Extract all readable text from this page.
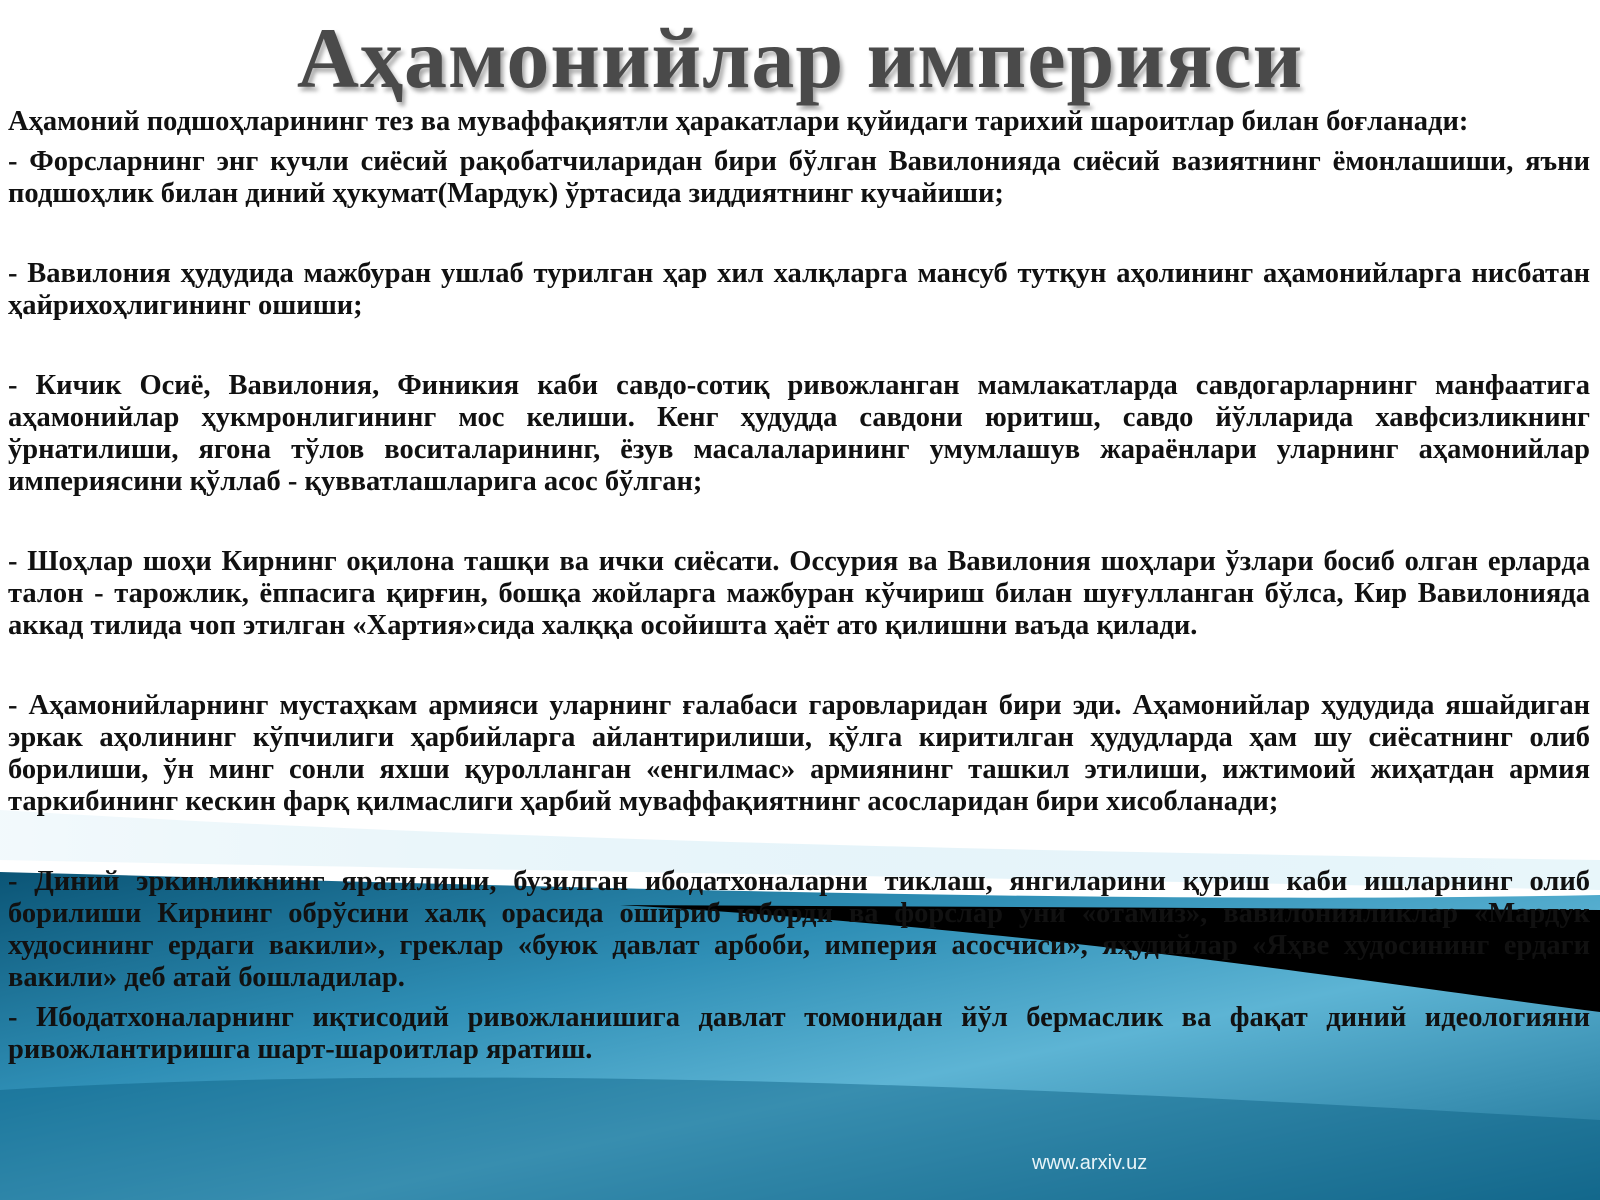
Аҳамонийлар империяси

Аҳамоний подшоҳларининг тез ва муваффақиятли ҳаракатлари қуйидаги тарихий шароитлар билан боғланади:

- Форсларнинг энг кучли сиёсий рақобатчиларидан бири бўлган Вавилонияда сиёсий вазиятнинг ёмонлашиши, яъни подшоҳлик билан диний ҳукумат(Мардук) ўртасида зиддиятнинг кучайиши;

- Вавилония ҳудудида мажбуран ушлаб турилган ҳар хил халқларга мансуб тутқун аҳолининг аҳамонийларга нисбатан ҳайрихоҳлигининг ошиши;

- Кичик Осиё, Вавилония, Финикия каби савдо-сотиқ ривожланган мамлакатларда савдогарларнинг манфаатига аҳамонийлар ҳукмронлигининг мос келиши. Кенг ҳудудда савдони юритиш, савдо йўлларида хавфсизликнинг ўрнатилиши, ягона тўлов воситаларининг, ёзув масалаларининг умумлашув жараёнлари уларнинг аҳамонийлар империясини қўллаб - қувватлашларига асос бўлган;

- Шоҳлар шоҳи Кирнинг оқилона ташқи ва ички сиёсати. Оссурия ва Вавилония шоҳлари ўзлари босиб олган ерларда талон - тарожлик, ёппасига қирғин, бошқа жойларга мажбуран кўчириш билан шуғулланган бўлса, Кир Вавилонияда аккад тилида чоп этилган «Хартия»сида халққа осойишта ҳаёт ато қилишни ваъда қилади.

- Аҳамонийларнинг мустаҳкам армияси уларнинг ғалабаси гаровларидан бири эди. Аҳамонийлар ҳудудида яшайдиган эркак аҳолининг кўпчилиги ҳарбийларга айлантирилиши, қўлга киритилган ҳудудларда ҳам шу сиёсатнинг олиб борилиши, ўн минг сонли яхши қуролланган «енгилмас» армиянинг ташкил этилиши, ижтимоий жиҳатдан армия таркибининг кескин фарқ қилмаслиги ҳарбий муваффақиятнинг асосларидан бири хисобланади;

- Диний эркинликнинг яратилиши, бузилган ибодатхоналарни тиклаш, янгиларини қуриш каби ишларнинг олиб борилиши Кирнинг обрўсини халқ орасида ошириб юборди ва форслар уни «отамиз», вавилонияликлар «Мардук худосининг ердаги вакили», греклар «буюк давлат арбоби, империя асосчиси», яҳудийлар «Яҳве худосининг ердаги вакили» деб атай бошладилар.

- Ибодатхоналарнинг иқтисодий ривожланишига давлат томонидан йўл бермаслик ва фақат диний идеологияни ривожлантиришга шарт-шароитлар яратиш.

www.arxiv.uz
